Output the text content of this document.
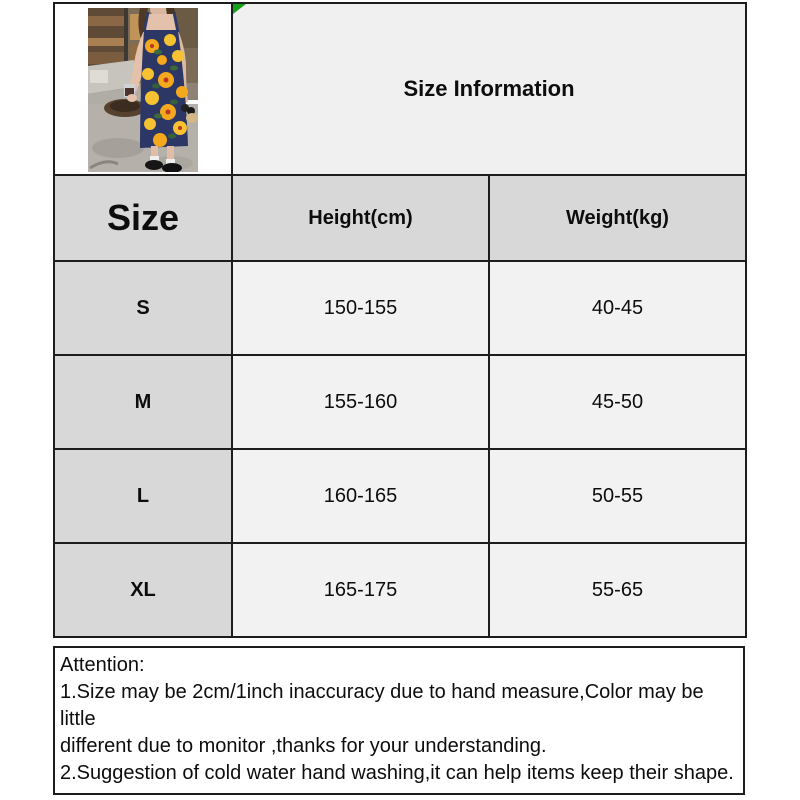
Size Information	
Size	Height(cm)	Weight(kg)
S	150-155	40-45
M	155-160	45-50
L	160-165	50-55
XL	165-175	55-65
Attention:
1.Size may be 2cm/1inch inaccuracy due to hand measure,Color may be little
different due to monitor ,thanks for your understanding.
2.Suggestion of cold water hand washing,it can help items keep their shape.
